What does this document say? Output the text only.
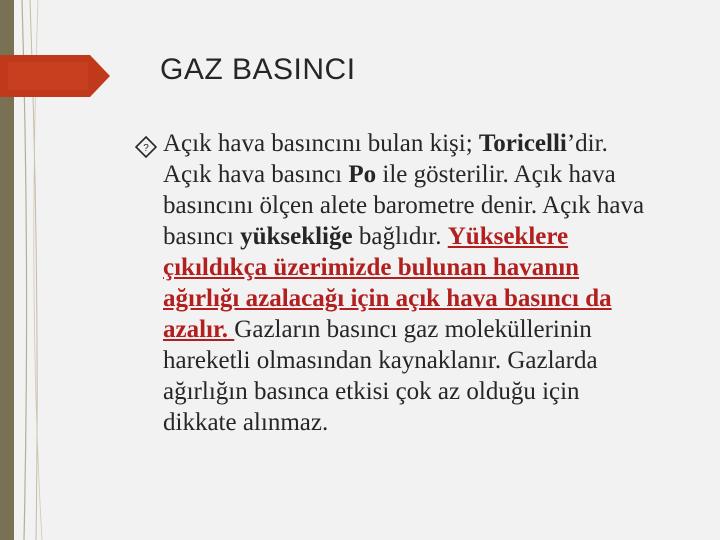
GAZ BASINCI
? Açık hava basıncını bulan kişi; Toricelli’dir. Açık hava basıncı Po ile gösterilir. Açık hava basıncını ölçen alete barometre denir. Açık hava basıncı yüksekliğe bağlıdır. Yükseklere çıkıldıkça üzerimizde bulunan havanın ağırlığı azalacağı için açık hava basıncı da azalır. Gazların basıncı gaz moleküllerinin hareketli olmasından kaynaklanır. Gazlarda ağırlığın basınca etkisi çok az olduğu için dikkate alınmaz.
